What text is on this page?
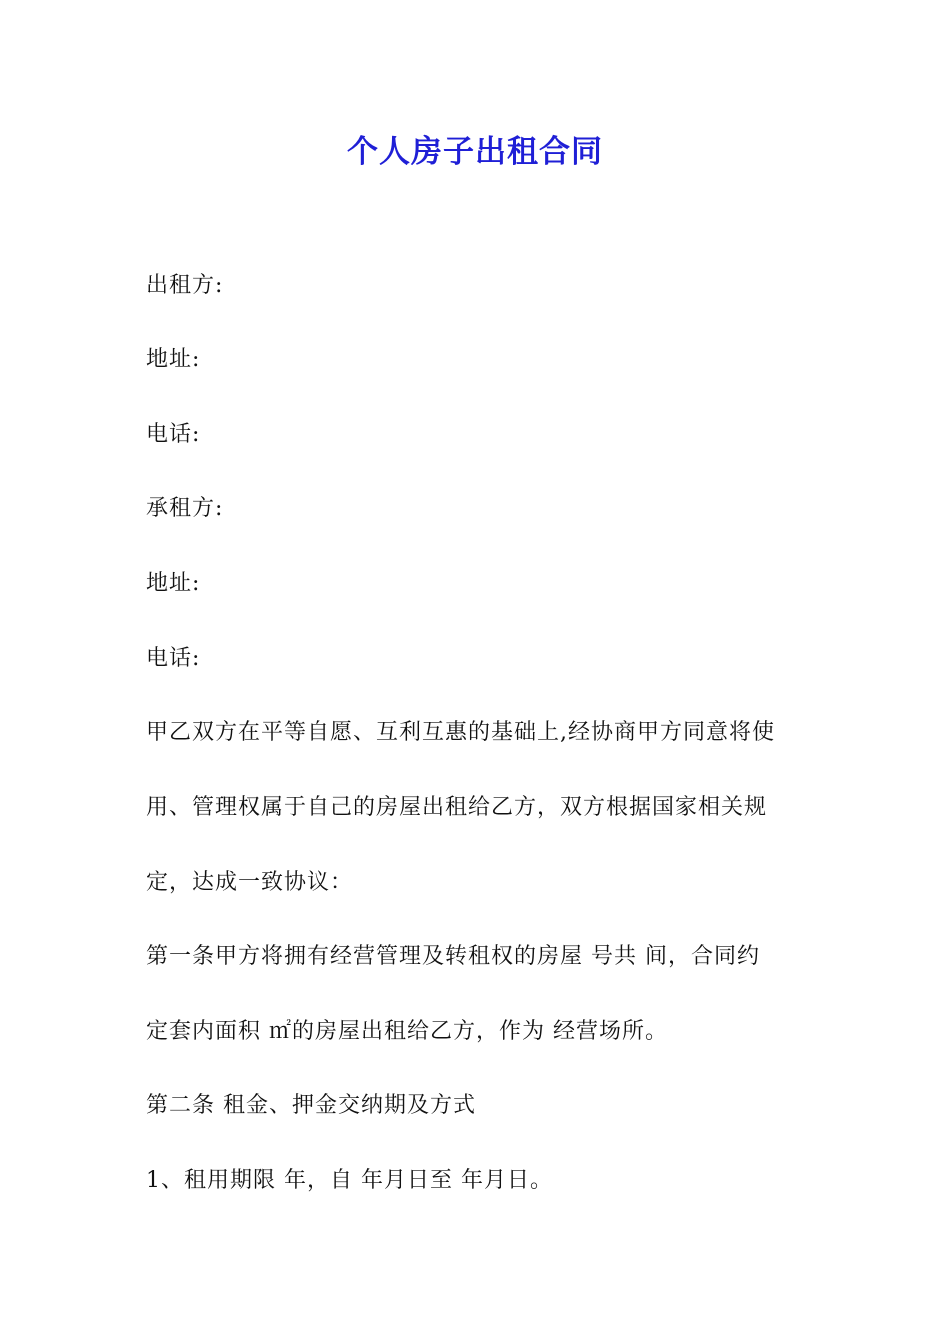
个人房子出租合同
出租方:
地址:
电话:
承租方:
地址:
电话:
甲乙双方在平等自愿、互利互惠的基础上,经协商甲方同意将使
用、管理权属于自己的房屋出租给乙方，双方根据国家相关规
定，达成一致协议：
第一条甲方将拥有经营管理及转租权的房屋 号共 间，合同约
定套内面积 ㎡的房屋出租给乙方，作为 经营场所。
第二条 租金、押金交纳期及方式
1、租用期限 年，自 年月日至 年月日。
